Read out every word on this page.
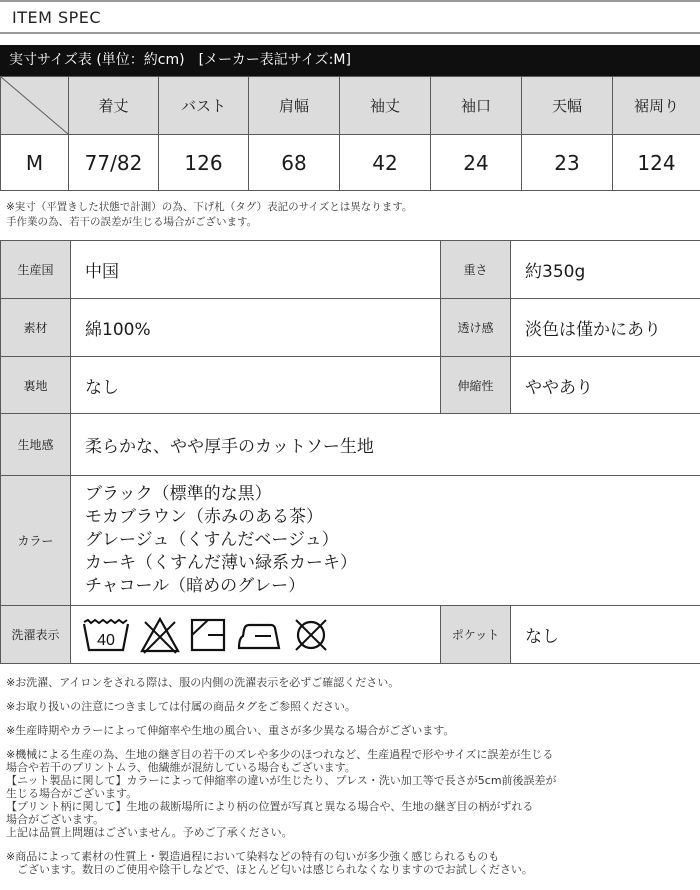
ITEM SPEC
実寸サイズ表 (単位：約cm)　[メーカー表記サイズ:M]
	着丈	バスト	肩幅	袖丈	袖口	天幅	裾周り
M	77/82	126	68	42	24	23	124
※実寸（平置きした状態で計測）の為、下げ札（タグ）表記のサイズとは異なります。
手作業の為、若干の誤差が生じる場合がございます。
生産国	中国	重さ	約350g
素材	綿100%	透け感	淡色は僅かにあり
裏地	なし	伸縮性	ややあり
生地感	柔らかな、やや厚手のカットソー生地		
カラー	ブラック（標準的な黒）
モカブラウン（赤みのある茶）
グレージュ（くすんだベージュ）
カーキ（くすんだ薄い緑系カーキ）
チャコール（暗めのグレー）		

洗濯表示	40	ポケット	なし

※お洗濯、アイロンをされる際は、服の内側の洗濯表示を必ずご確認ください。

※お取り扱いの注意につきましては付属の商品タグをご参照ください。

※生産時期やカラーによって伸縮率や生地の風合い、重さが多少異なる場合がございます。

※機械による生産の為、生地の継ぎ目の若干のズレや多少のほつれなど、生産過程で形やサイズに誤差が生じる
場合や若干のプリントムラ、他繊維が混紡している場合もございます。
【ニット製品に関して】カラーによって伸縮率の違いが生じたり、プレス・洗い加工等で長さが5cm前後誤差が
生じる場合がございます。
【プリント柄に関して】生地の裁断場所により柄の位置が写真と異なる場合や、生地の継ぎ目の柄がずれる
場合がございます。
上記は品質上問題はございません。予めご了承ください。

※商品によって素材の性質上・製造過程において染料などの特有の匂いが多少強く感じられるものも
　ございます。数日のご使用や陰干しなどで、ほとんど匂いは感じられなくなりますのでお試しください。
